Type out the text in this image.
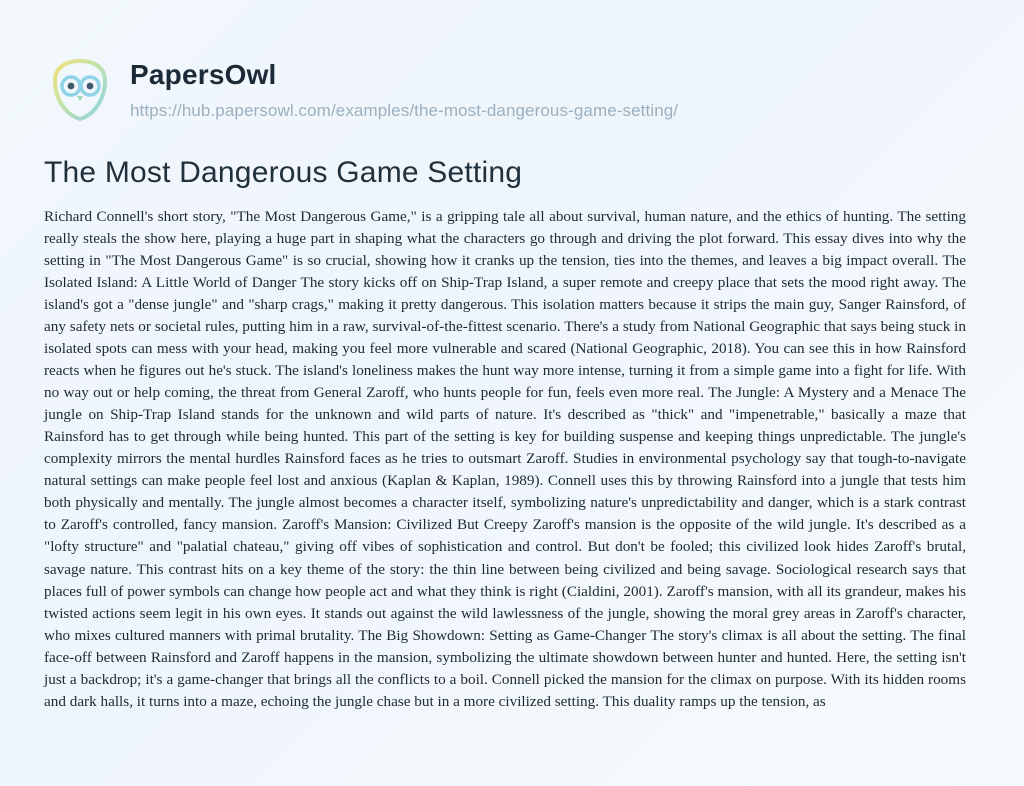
PapersOwl
https://hub.papersowl.com/examples/the-most-dangerous-game-setting/
The Most Dangerous Game Setting

Richard Connell's short story, "The Most Dangerous Game," is a gripping tale all about survival, human nature, and the ethics of hunting. The setting really steals the show here, playing a huge part in shaping what the characters go through and driving the plot forward. This essay dives into why the setting in "The Most Dangerous Game" is so crucial, showing how it cranks up the tension, ties into the themes, and leaves a big impact overall. The Isolated Island: A Little World of Danger The story kicks off on Ship-Trap Island, a super remote and creepy place that sets the mood right away. The island's got a "dense jungle" and "sharp crags," making it pretty dangerous. This isolation matters because it strips the main guy, Sanger Rainsford, of any safety nets or societal rules, putting him in a raw, survival-of-the-fittest scenario. There's a study from National Geographic that says being stuck in isolated spots can mess with your head, making you feel more vulnerable and scared (National Geographic, 2018). You can see this in how Rainsford reacts when he figures out he's stuck. The island's loneliness makes the hunt way more intense, turning it from a simple game into a fight for life. With no way out or help coming, the threat from General Zaroff, who hunts people for fun, feels even more real. The Jungle: A Mystery and a Menace The jungle on Ship-Trap Island stands for the unknown and wild parts of nature. It's described as "thick" and "impenetrable," basically a maze that Rainsford has to get through while being hunted. This part of the setting is key for building suspense and keeping things unpredictable. The jungle's complexity mirrors the mental hurdles Rainsford faces as he tries to outsmart Zaroff. Studies in environmental psychology say that tough-to-navigate natural settings can make people feel lost and anxious (Kaplan & Kaplan, 1989). Connell uses this by throwing Rainsford into a jungle that tests him both physically and mentally. The jungle almost becomes a character itself, symbolizing nature's unpredictability and danger, which is a stark contrast to Zaroff's controlled, fancy mansion. Zaroff's Mansion: Civilized But Creepy Zaroff's mansion is the opposite of the wild jungle. It's described as a "lofty structure" and "palatial chateau," giving off vibes of sophistication and control. But don't be fooled; this civilized look hides Zaroff's brutal, savage nature. This contrast hits on a key theme of the story: the thin line between being civilized and being savage. Sociological research says that places full of power symbols can change how people act and what they think is right (Cialdini, 2001). Zaroff's mansion, with all its grandeur, makes his twisted actions seem legit in his own eyes. It stands out against the wild lawlessness of the jungle, showing the moral grey areas in Zaroff's character, who mixes cultured manners with primal brutality. The Big Showdown: Setting as Game-Changer The story's climax is all about the setting. The final face-off between Rainsford and Zaroff happens in the mansion, symbolizing the ultimate showdown between hunter and hunted. Here, the setting isn't just a backdrop; it's a game-changer that brings all the conflicts to a boil. Connell picked the mansion for the climax on purpose. With its hidden rooms and dark halls, it turns into a maze, echoing the jungle chase but in a more civilized setting. This duality ramps up the tension, as
